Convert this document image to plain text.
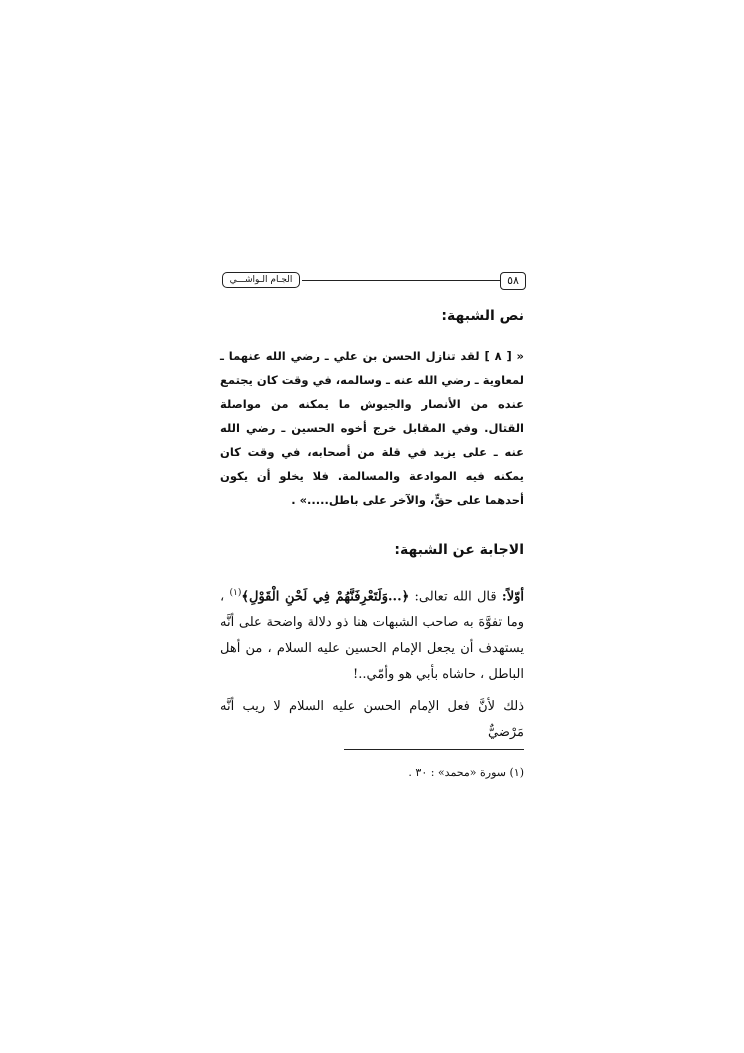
الجـام الـواشـــي	٥٨

نص الشبهة:

« [ ٨ ] لقد تنازل الحسن بن علي ـ رضي الله عنهما ـ لمعاوية ـ رضي الله عنه ـ وسالمه، في وقت كان يجتمع عنده من الأنصار والجيوش ما يمكنه من مواصلة القتال. وفي المقابل خرج أخوه الحسين ـ رضي الله عنه ـ على يزيد في قلة من أصحابه، في وقت كان يمكنه فيه الموادعة والمسالمة. فلا يخلو أن يكون أحدهما على حقٍّ، والآخر على باطل.....» .

الاجابة عن الشبهة:

أوّلاً: قال الله تعالى: ﴿...وَلَتَعْرِفَنَّهُمْ فِي لَحْنِ الْقَوْلِ﴾$^{(١)}$ ، وما تفوَّهَ به صاحب الشبهات هنا ذو دلالة واضحة على أنَّه يستهدف أن يجعل الإمام الحسين عليه السلام ، من أهل الباطل ، حاشاه بأبي هو وأمّي..!

ذلك لأنَّ فعل الإمام الحسن عليه السلام لا ريب أنَّه مَرْضيٌّ

(١) سورة «محمد» : ٣٠ .
